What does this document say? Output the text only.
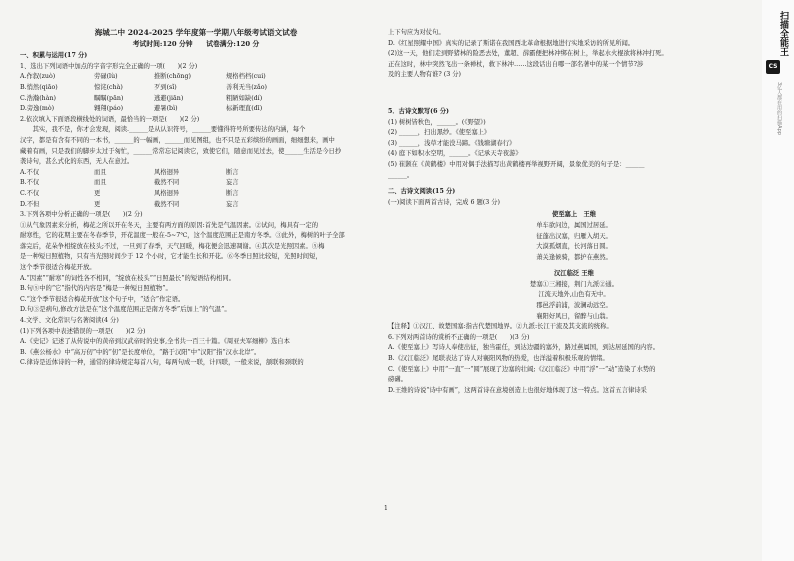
海城二中 2024-2025 学年度第一学期八年级考试语文试卷
考试时间:120 分钟　　试卷满分:120 分
一、积累与运用(17 分)
1、选出下列词语中加点的字音字形完全正确的一项(　　)(2 分)
A.作叙(zuò)	劳碌(lù)	推断(chōng)	规格档档(cui)
B.悄然(qiāo)	惊诧(chà)	歹到(sǐ)	善利无当(zǎo)
C.浩瀚(hàn)	瞩瞩(pān)	逃避(jiān)	粗陋如缺(dí)
D.旁逸(mò)	翱翔(páo)	避暑(bì)	标新理直(dī)
2.依次填入下面语段横线处的词语，最恰当的一项是(　　)(2 分)
　　其实，我不是，你才会发现，阅读.______是从认识符号，______要懂得符号所要传达的内涵，每个
汉字，都是有含有不同的一本书，______的一幅画，______而见图组，也不只是五彩缤纷的画面，细细想来，画中
藏着有画，只是我们的脚步太过于匆忙，______常常忘记阅读它，致使它们，随意而见过去，使______生活是今日抄
袭诗句，甚么式化的东西，无人在意过。
A.不仅	而且	风格迥异	断言
B.不仅	而且	截然不同	妄言
C.不仅	更	风格迥异	断言
D.不但	更	截然不同	妄言
3.下列各项中分析正确的一项是(　　)(2 分)
①从气象因素来分析，梅花之所以开在冬天，主要有两方面的原因:首先是气温因素。②试问，梅具有一定的
耐寒性，它的花期主要在冬春季节，开花温度一般在-5~7℃，这个温度范围正是南方冬季。③此外，梅树的叶子全部
落完后，花朵争相绽放在枝头;不过，一旦到了春季，天气回暖，梅花便会迅速凋谢。④其次是光照因素。⑤梅
是一种短日照植物，只有当光照时间少于 12 个小时，它才能生长和开花。⑥冬季日照比较短，光照时间短，
这个季节很适合梅花开放。
A.“因素”“耐寒”的词性各不相同，“绽放在枝头”“日照最长”的短语结构相同。
B.句⑤中的“它”指代的内容是“梅是一种短日照植物”。
C.“这个季节很适合梅花开放”这个句子中，“适合”作定语。
D.句③是病句,修改方法是在“这个温度范围正是南方冬季”后加上“的气温”。
4.文学、文化常识与名著阅读(4 分)
(1)下列各项中表述错误的一项是(　　)(2 分)
A.《史记》记述了从传说中的黄帝到汉武帝时的史事,全书共一百三十篇。《周亚夫军细柳》选自本
B.《燕公杨水》中“高万仞”中的“仞”是长度单位，“路于汉阳”中“汉阳”指“汉水北岸”。
C.律诗是近体诗的一种，通常的律诗规定每首八句，每两句成一联，计四联，一般来说，颔联和颈联的
上下句应为对仗句。
D.《红星照耀中国》真实的记录了斯诺在我国西北革命根据地进行实地采访的所见所闻。
(2)这一天，他们走到野猪林的险恶去处，董超、薛霸便把林冲绑在树上，举起水火棍欲将林冲打死。
正在这时，林中突然飞出一条禅杖，救下林冲……这段话出自哪一部名著中的某一个情节?涉
及的主要人物有谁? (3 分)
5．古诗文默写(6 分)
(1) 树树皆秋色，______。(《野望》)
(2) ______，扫出黑纱。《使至塞上》
(3) ______，浅草才能没马蹄。《钱塘湖春行》
(4) 庭下如积水空明，______。《记承天寺夜游》
(5) 崔颢在《黄鹤楼》中用对偶手法描写出黄鹤楼再举视野开阔，景象优美的句子是：______
______。
二、古诗文阅读(15 分)
(一)阅读下面两首古诗，完成 6 题(3 分)
使至塞上　王维
单车欲问边，属国过居延。
征蓬出汉塞，归雁入胡天。
大漠孤烟直，长河落日圆。
萧关逢候骑，都护在燕然。
汉江临泛 王维
楚塞①三湘接，荆门九派②通。
江流天地外,山色有无中。
郡邑浮前浦，波澜动远空。
襄阳好风日，留醉与山翁。
【注释】①汉江、故楚国塞:指古代楚国地界。②九派:长江干流及其支流的统称。
6.下列对两首诗的赏析不正确的一项是(　　)(3 分)
A.《使至塞上》写诗人奉使出征，独当霍任，到达边疆的塞外，路过燕属国，到达居延国的内容。
B.《汉江临泛》尾联表达了诗人对襄阳风物的热爱，也洋溢着积极乐观的情绪。
C.《使至塞上》中用“一直”一“圆”展现了边塞的壮阔;《汉江临泛》中用“浮”一“动”造染了水势的
磅礴。
D.王维的诗说“诗中有画”，这两首诗在意境创造上也很好地体现了这一特点。这首五言律诗采
1
扫描全能王
CS
3亿人都在用的扫描App
